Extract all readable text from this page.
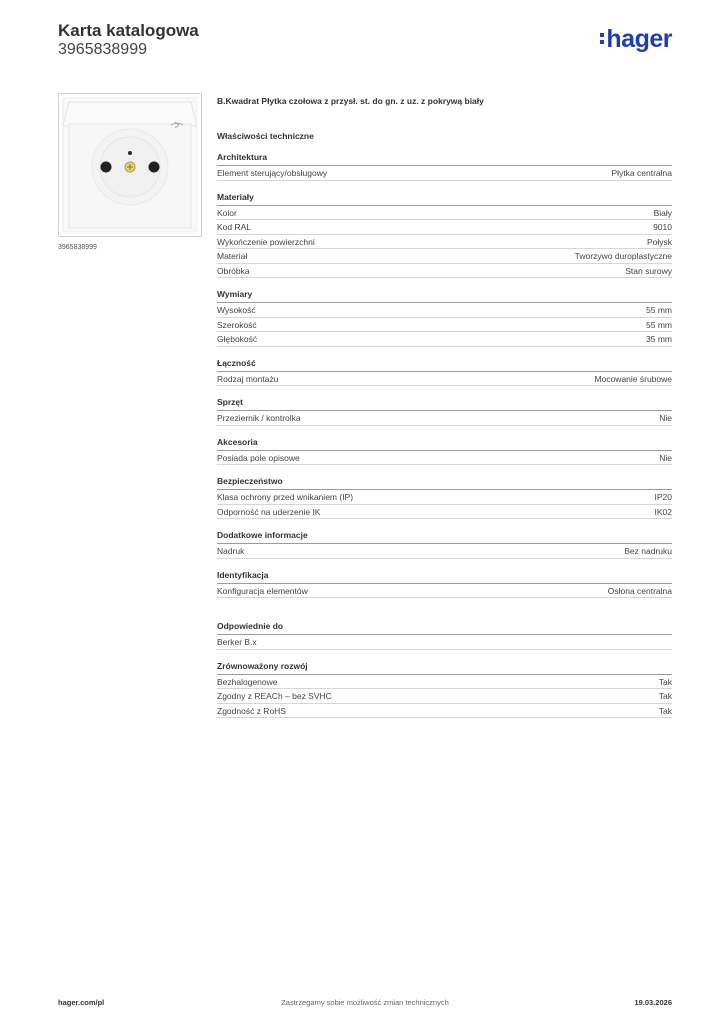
Karta katalogowa
3965838999	hager
3965838999
B.Kwadrat Płytka czołowa z przysł. st. do gn. z uz. z pokrywą biały
Właściwości techniczne
Architektura
Element sterujący/obsługowy	Płytka centralna
Materiały
Kolor	Biały
Kod RAL	9010
Wykończenie powierzchni	Połysk
Materiał	Tworzywo duroplastyczne
Obróbka	Stan surowy
Wymiary
Wysokość	55 mm
Szerokość	55 mm
Głębokość	35 mm
Łączność
Rodzaj montażu	Mocowanie śrubowe
Sprzęt
Przeziernik / kontrolka	Nie
Akcesoria
Posiada pole opisowe	Nie
Bezpieczeństwo
Klasa ochrony przed wnikaniem (IP)	IP20
Odporność na uderzenie IK	IK02
Dodatkowe informacje
Nadruk	Bez nadruku
Identyfikacja
Konfiguracja elementów	Osłona centralna
Odpowiednie do
Berker B.x
Zrównoważony rozwój
Bezhalogenowe	Tak
Zgodny z REACh – bez SVHC	Tak
Zgodność z RoHS	Tak
Zastrzegamy sobie możliwość zmian technicznych
hager.com/pl	19.03.2026
